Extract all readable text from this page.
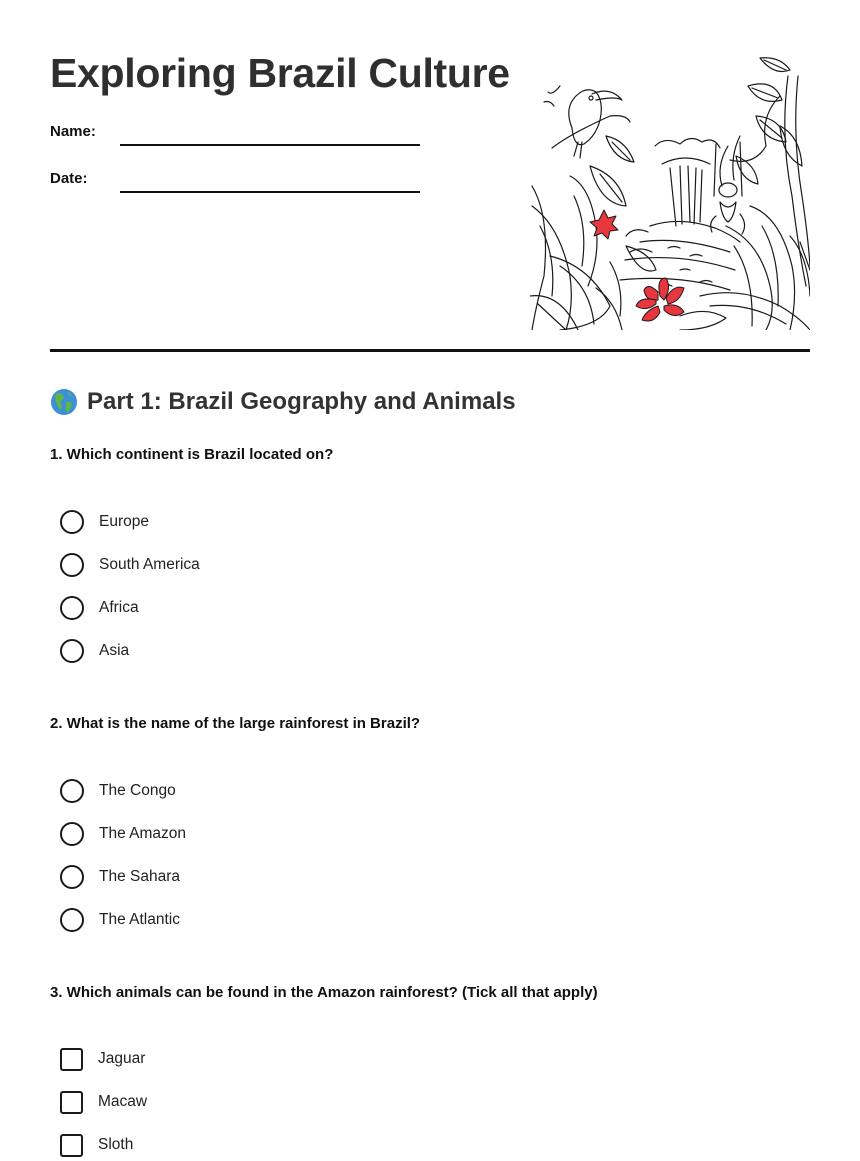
Exploring Brazil Culture
Name:
Date:
Part 1: Brazil Geography and Animals

1. Which continent is Brazil located on?

Europe
South America
Africa
Asia

2. What is the name of the large rainforest in Brazil?

The Congo
The Amazon
The Sahara
The Atlantic

3. Which animals can be found in the Amazon rainforest? (Tick all that apply)

Jaguar
Macaw
Sloth
